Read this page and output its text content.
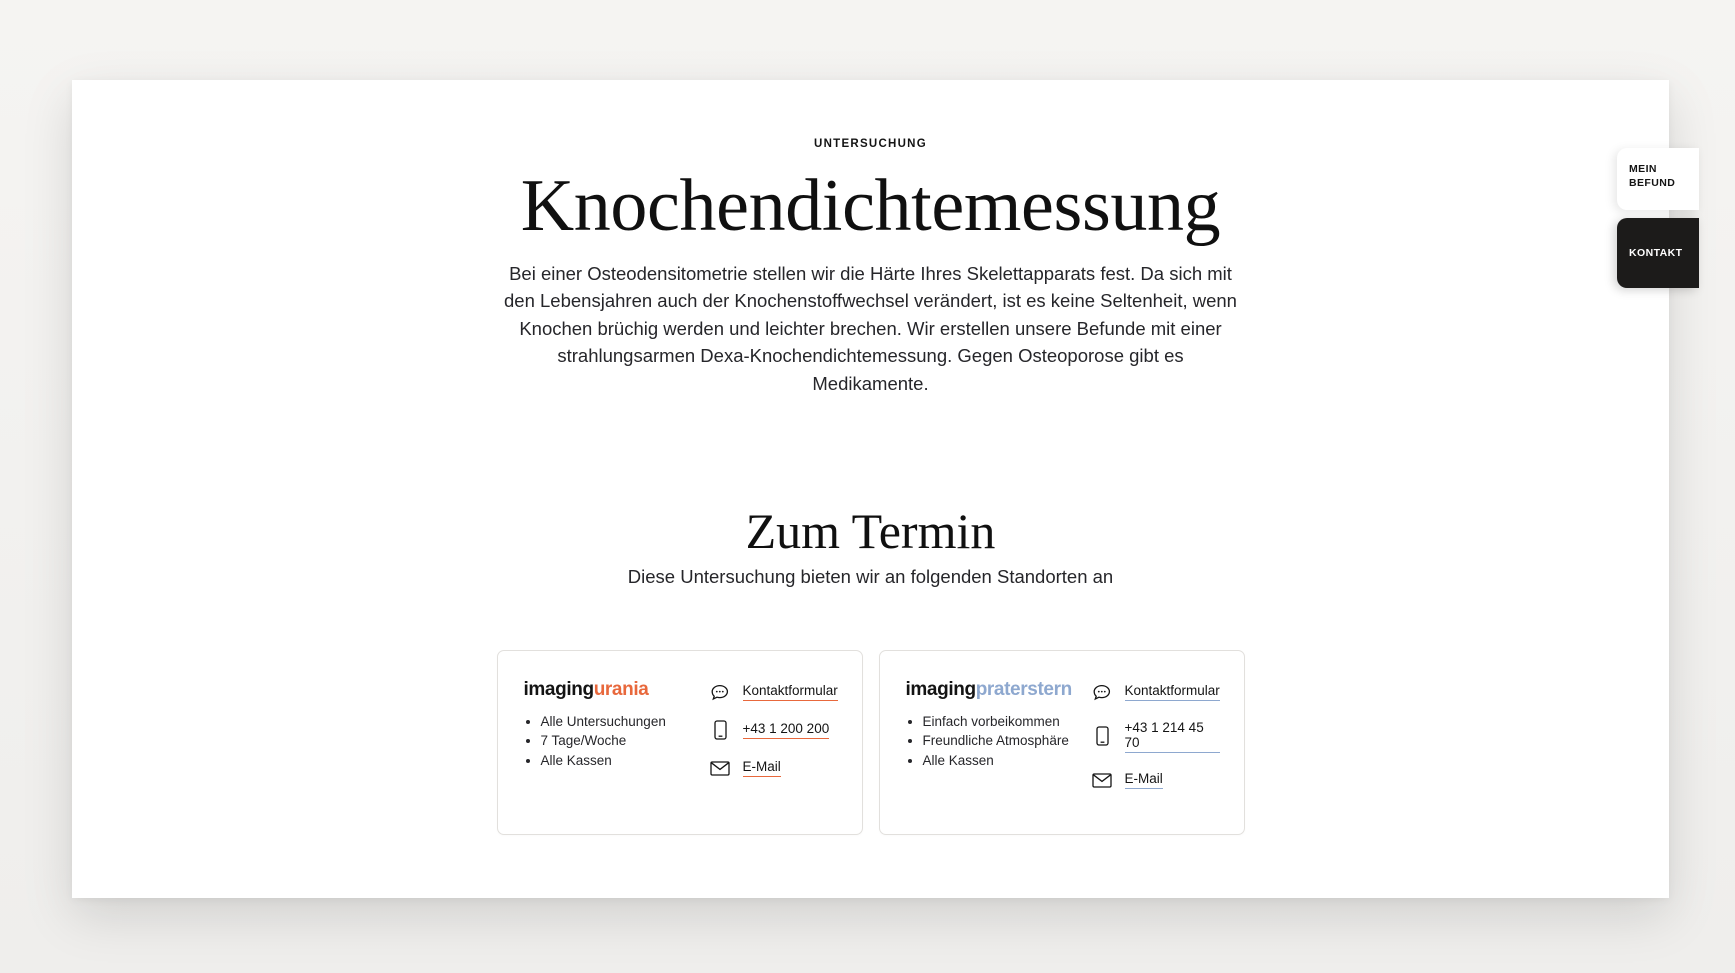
UNTERSUCHUNG
Knochendichtemessung

Bei einer Osteodensitometrie stellen wir die Härte Ihres Skelettapparats fest. Da sich mit den Lebensjahren auch der Knochenstoffwechsel verändert, ist es keine Seltenheit, wenn Knochen brüchig werden und leichter brechen. Wir erstellen unsere Befunde mit einer strahlungsarmen Dexa-Knochendichtemessung. Gegen Osteoporose gibt es Medikamente.

Zum Termin

Diese Untersuchung bieten wir an folgenden Standorten an

imagingurania
• Alle Untersuchungen
• 7 Tage/Woche
• Alle Kassen
Kontaktformular
+43 1 200 200
E-Mail
imagingpraterstern
• Einfach vorbeikommen
• Freundliche Atmosphäre
• Alle Kassen
Kontaktformular
+43 1 214 45 70
E-Mail
MEIN
BEFUND
KONTAKT
